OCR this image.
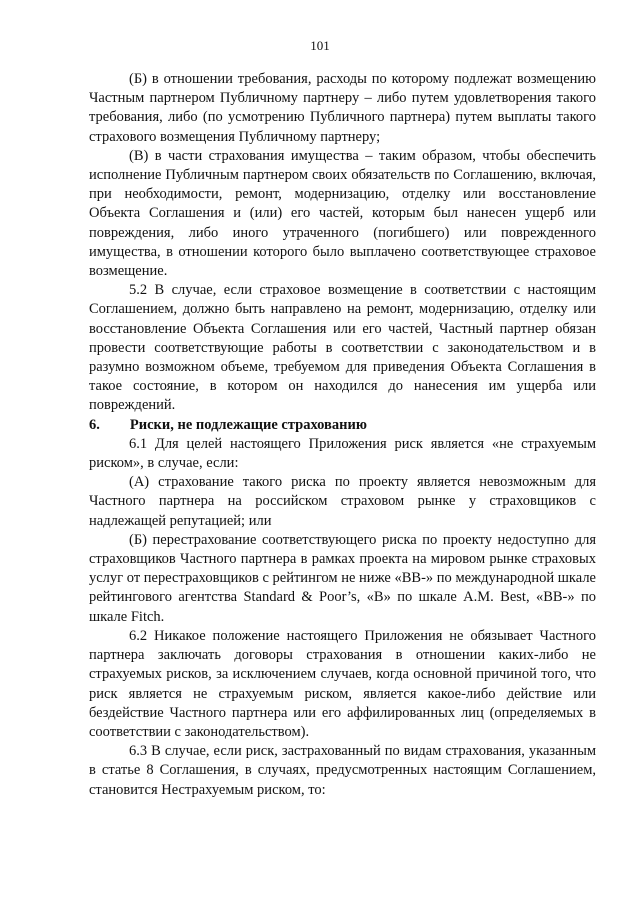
101

(Б) в отношении требования, расходы по которому подлежат возмещению Частным партнером Публичному партнеру – либо путем удовлетворения такого требования, либо (по усмотрению Публичного партнера) путем выплаты такого страхового возмещения Публичному партнеру;

(В) в части страхования имущества – таким образом, чтобы обеспечить исполнение Публичным партнером своих обязательств по Соглашению, включая, при необходимости, ремонт, модернизацию, отделку или восстановление Объекта Соглашения и (или) его частей, которым был нанесен ущерб или повреждения, либо иного утраченного (погибшего) или поврежденного имущества, в отношении которого было выплачено соответствующее страховое возмещение.

5.2 В случае, если страховое возмещение в соответствии с настоящим Соглашением, должно быть направлено на ремонт, модернизацию, отделку или восстановление Объекта Соглашения или его частей, Частный партнер обязан провести соответствующие работы в соответствии с законодательством и в разумно возможном объеме, требуемом для приведения Объекта Соглашения в такое состояние, в котором он находился до нанесения им ущерба или повреждений.

6. Риски, не подлежащие страхованию

6.1 Для целей настоящего Приложения риск является «не страхуемым риском», в случае, если:

(А) страхование такого риска по проекту является невозможным для Частного партнера на российском страховом рынке у страховщиков с надлежащей репутацией; или

(Б) перестрахование соответствующего риска по проекту недоступно для страховщиков Частного партнера в рамках проекта на мировом рынке страховых услуг от перестраховщиков с рейтингом не ниже «ВВ-» по международной шкале рейтингового агентства Standard & Poor’s, «В» по шкале A.M. Best, «ВВ-» по шкале Fitch.

6.2 Никакое положение настоящего Приложения не обязывает Частного партнера заключать договоры страхования в отношении каких-либо не страхуемых рисков, за исключением случаев, когда основной причиной того, что риск является не страхуемым риском, является какое-либо действие или бездействие Частного партнера или его аффилированных лиц (определяемых в соответствии с законодательством).

6.3 В случае, если риск, застрахованный по видам страхования, указанным в статье 8 Соглашения, в случаях, предусмотренных настоящим Соглашением, становится Нестрахуемым риском, то:
